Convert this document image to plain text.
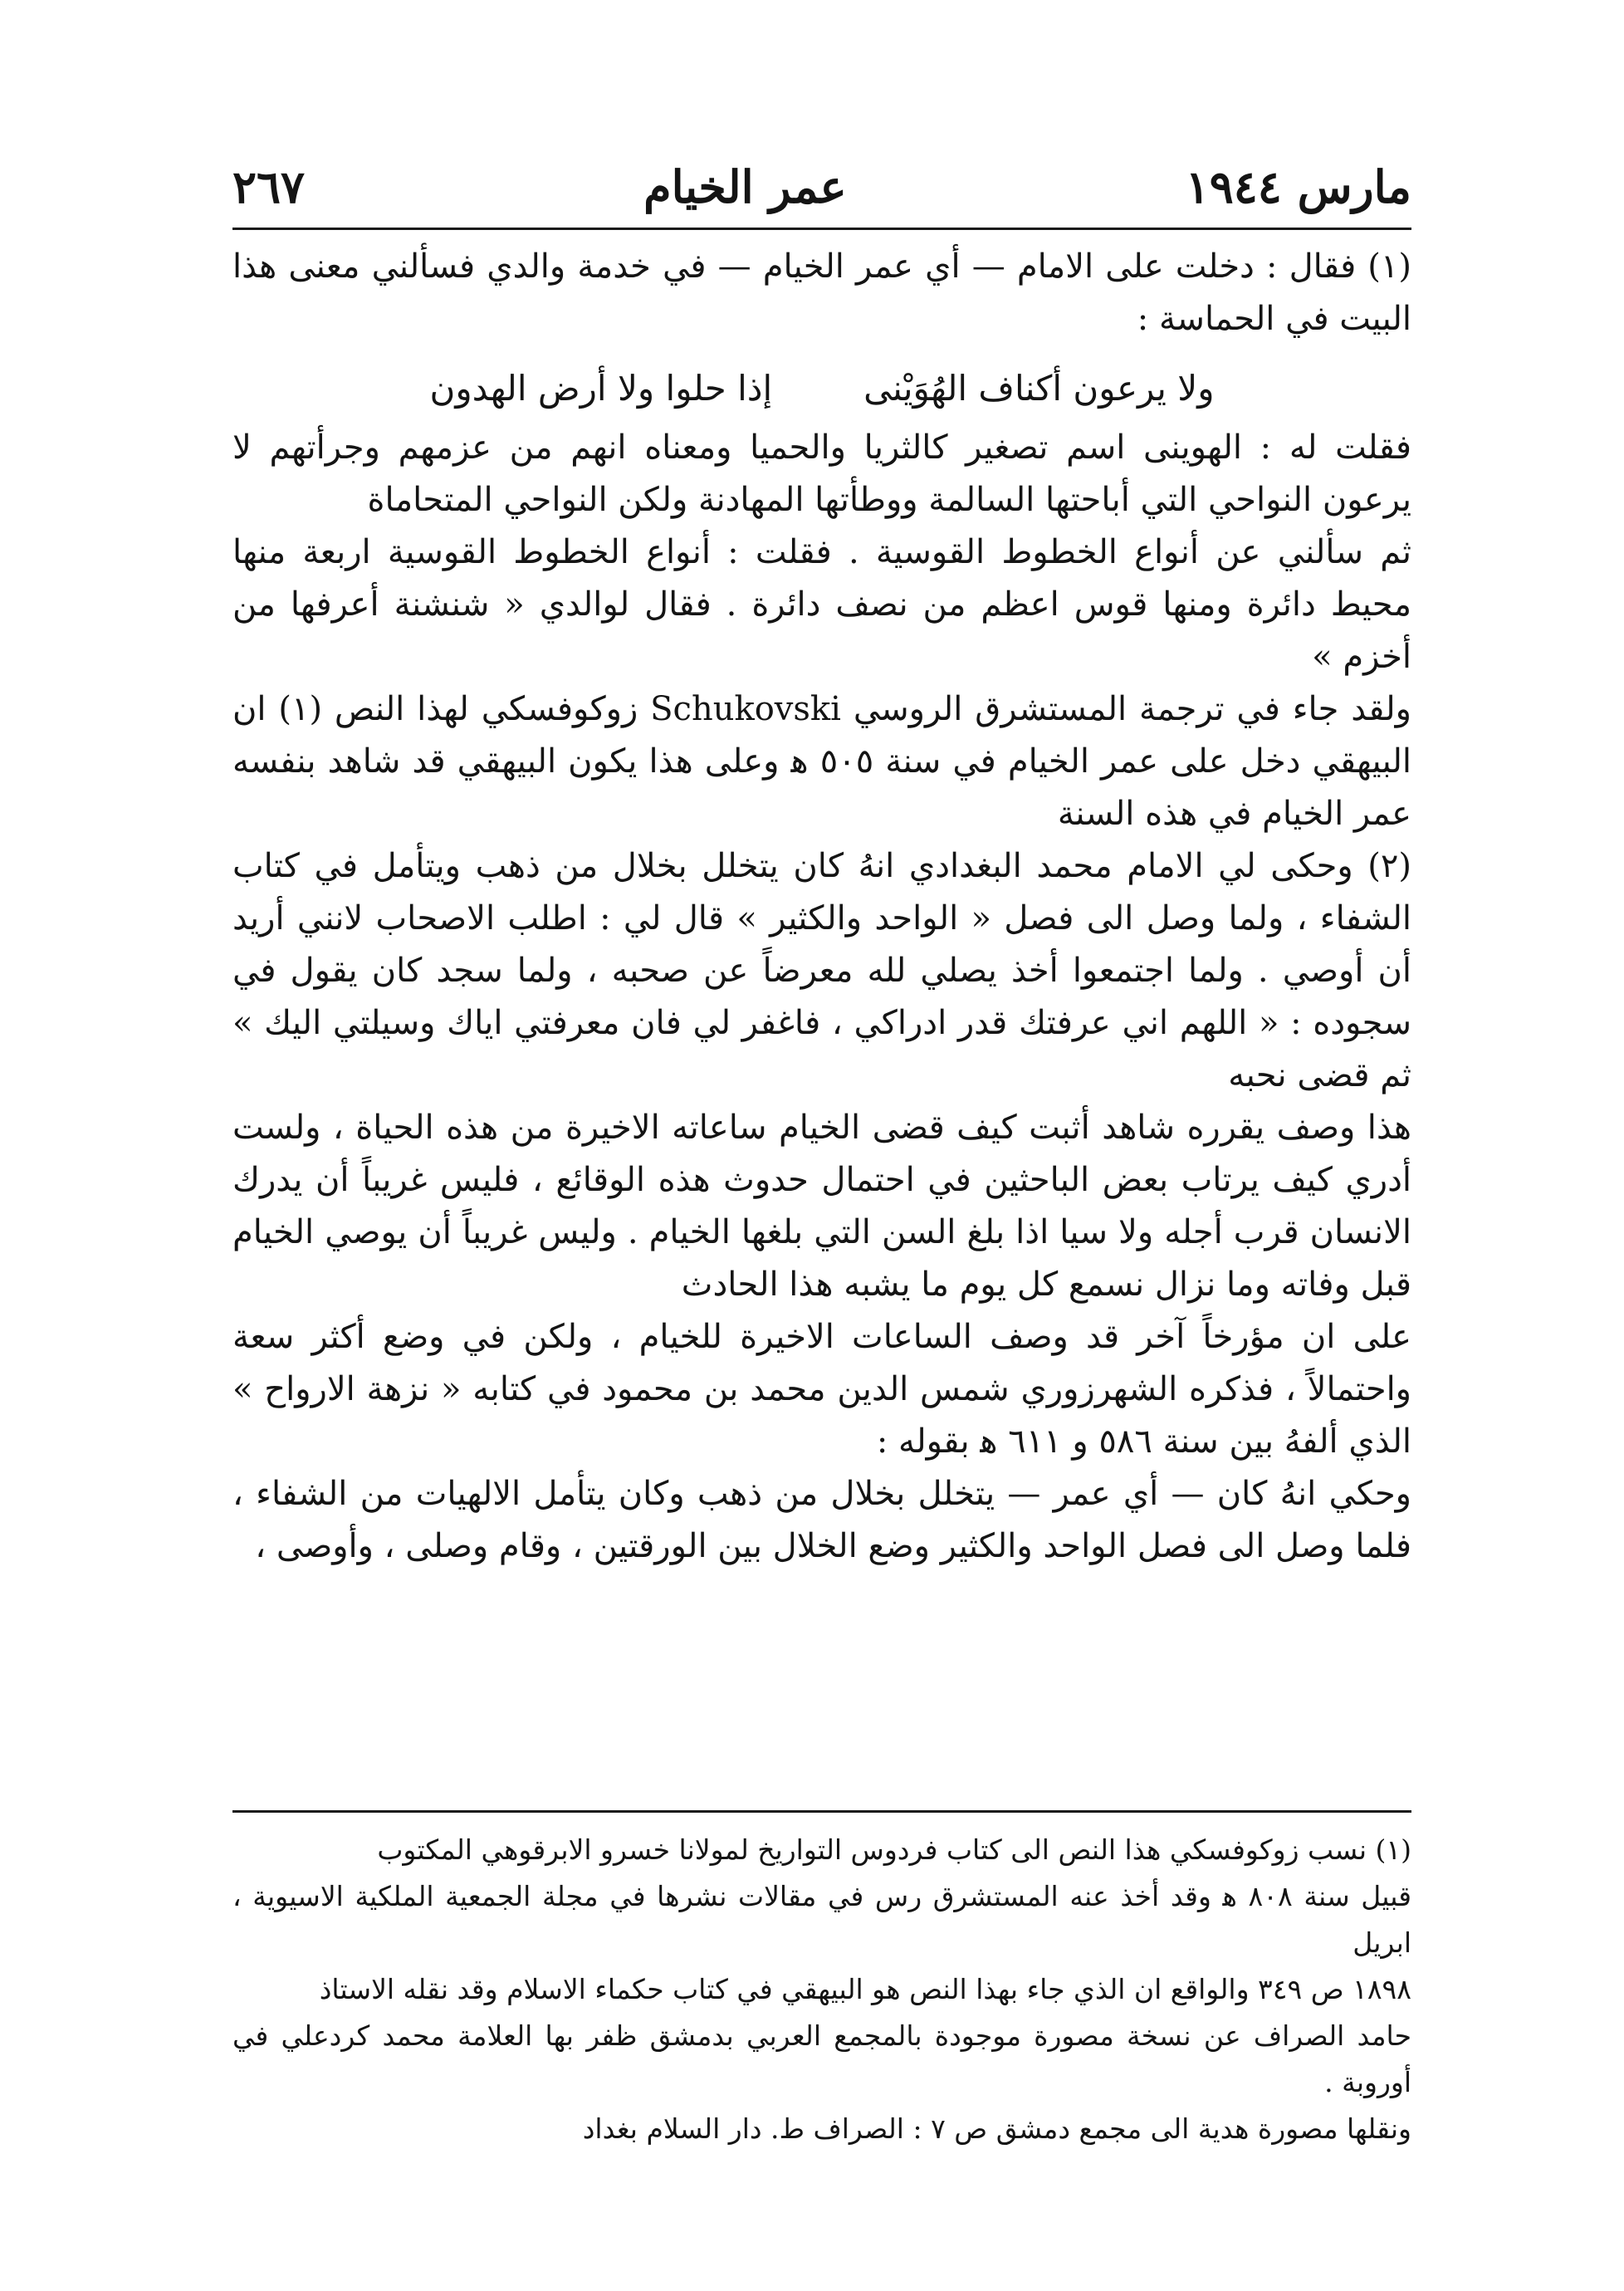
مارس ١٩٤٤
عمر الخيام
٢٦٧

(١) فقال : دخلت على الامام — أي عمر الخيام — في خدمة والدي فسألني معنى هذا البيت في الحماسة :

ولا يرعون أكناف الهُوَيْنى
إذا حلوا ولا أرض الهدون

فقلت له : الهوينى اسم تصغير كالثريا والحميا ومعناه انهم من عزمهم وجرأتهم لا يرعون النواحي التي أباحتها السالمة ووطأتها المهادنة ولكن النواحي المتحاماة

ثم سألني عن أنواع الخطوط القوسية . فقلت : أنواع الخطوط القوسية اربعة منها محيط دائرة ومنها قوس اعظم من نصف دائرة . فقال لوالدي « شنشنة أعرفها من أخزم »

ولقد جاء في ترجمة المستشرق الروسي Schukovski زوكوفسكي لهذا النص (١) ان البيهقي دخل على عمر الخيام في سنة ٥٠٥ ﻫ وعلى هذا يكون البيهقي قد شاهد بنفسه عمر الخيام في هذه السنة

(٢) وحكى لي الامام محمد البغدادي انهُ كان يتخلل بخلال من ذهب ويتأمل في كتاب الشفاء ، ولما وصل الى فصل « الواحد والكثير » قال لي : اطلب الاصحاب لانني أريد أن أوصي . ولما اجتمعوا أخذ يصلي لله معرضاً عن صحبه ، ولما سجد كان يقول في سجوده : « اللهم اني عرفتك قدر ادراكي ، فاغفر لي فان معرفتي اياك وسيلتي اليك » ثم قضى نحبه

هذا وصف يقرره شاهد أثبت كيف قضى الخيام ساعاته الاخيرة من هذه الحياة ، ولست أدري كيف يرتاب بعض الباحثين في احتمال حدوث هذه الوقائع ، فليس غريباً أن يدرك الانسان قرب أجله ولا سيا اذا بلغ السن التي بلغها الخيام . وليس غريباً أن يوصي الخيام قبل وفاته وما نزال نسمع كل يوم ما يشبه هذا الحادث

على ان مؤرخاً آخر قد وصف الساعات الاخيرة للخيام ، ولكن في وضع أكثر سعة واحتمالاً ، فذكره الشهرزوري شمس الدين محمد بن محمود في كتابه « نزهة الارواح » الذي ألفهُ بين سنة ٥٨٦ و ٦١١ ﻫ بقوله :

وحكي انهُ كان — أي عمر — يتخلل بخلال من ذهب وكان يتأمل الالهيات من الشفاء ، فلما وصل الى فصل الواحد والكثير وضع الخلال بين الورقتين ، وقام وصلى ، وأوصى ،

(١) نسب زوكوفسكي هذا النص الى كتاب فردوس التواريخ لمولانا خسرو الابرقوهي المكتوب

قبيل سنة ٨٠٨ ﻫ وقد أخذ عنه المستشرق رس في مقالات نشرها في مجلة الجمعية الملكية الاسيوية ، ابريل

١٨٩٨ ص ٣٤٩ والواقع ان الذي جاء بهذا النص هو البيهقي في كتاب حكماء الاسلام وقد نقله الاستاذ

حامد الصراف عن نسخة مصورة موجودة بالمجمع العربي بدمشق ظفر بها العلامة محمد كردعلي في أوروبة .

ونقلها مصورة هدية الى مجمع دمشق ص ٧ : الصراف ط. دار السلام بغداد
